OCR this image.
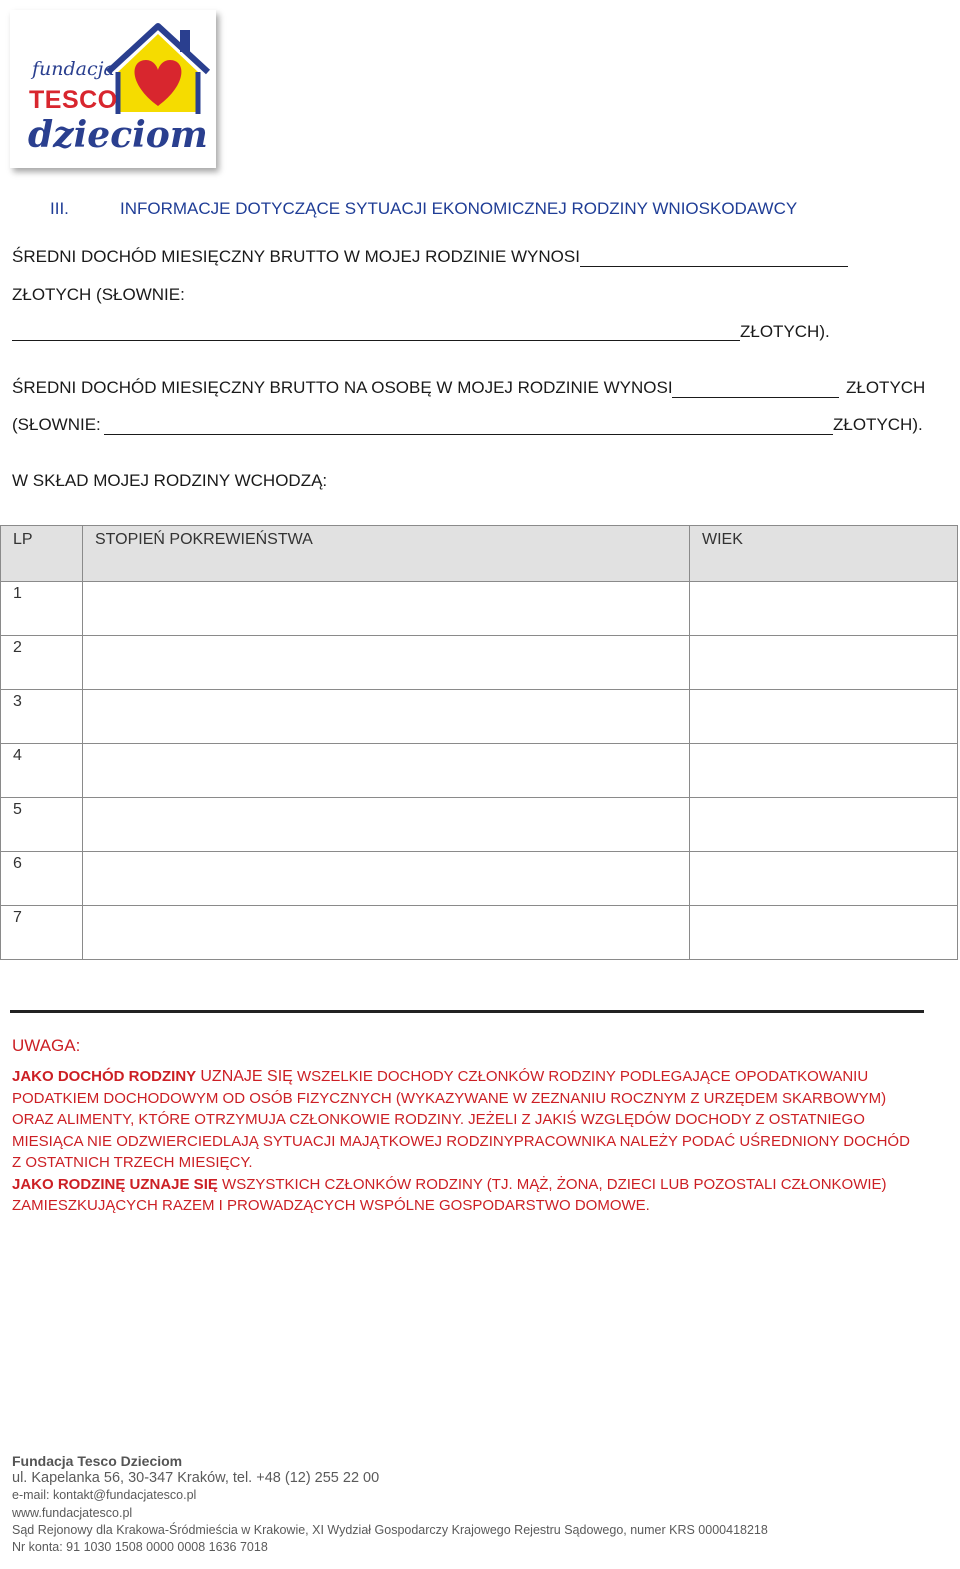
fundacja
TESCO
dzieciom
III.	INFORMACJE DOTYCZĄCE SYTUACJI EKONOMICZNEJ RODZINY WNIOSKODAWCY
ŚREDNI DOCHÓD MIESIĘCZNY BRUTTO W MOJEJ RODZINIE WYNOSI
ZŁOTYCH (SŁOWNIE:
ZŁOTYCH).
ŚREDNI DOCHÓD MIESIĘCZNY BRUTTO NA OSOBĘ W MOJEJ RODZINIE WYNOSI	ZŁOTYCH
(SŁOWNIE:	ZŁOTYCH).
W SKŁAD MOJEJ RODZINY WCHODZĄ:
LP	STOPIEŃ POKREWIEŃSTWA	WIEK

1		

2		

3		

4		

5		

6		

7		

UWAGA:
JAKO DOCHÓD RODZINY UZNAJE SIĘ WSZELKIE DOCHODY CZŁONKÓW RODZINY PODLEGAJĄCE OPODATKOWANIU PODATKIEM DOCHODOWYM OD OSÓB FIZYCZNYCH (WYKAZYWANE W ZEZNANIU ROCZNYM Z URZĘDEM SKARBOWYM) ORAZ ALIMENTY, KTÓRE OTRZYMUJA CZŁONKOWIE RODZINY. JEŻELI Z JAKIŚ WZGLĘDÓW DOCHODY Z OSTATNIEGO MIESIĄCA NIE ODZWIERCIEDLAJĄ SYTUACJI MAJĄTKOWEJ RODZINYPRACOWNIKA NALEŻY PODAĆ UŚREDNIONY DOCHÓD Z OSTATNICH TRZECH MIESIĘCY.
JAKO RODZINĘ UZNAJE SIĘ WSZYSTKICH CZŁONKÓW RODZINY (TJ. MĄŻ, ŻONA, DZIECI LUB POZOSTALI CZŁONKOWIE) ZAMIESZKUJĄCYCH RAZEM I PROWADZĄCYCH WSPÓLNE GOSPODARSTWO DOMOWE.
Fundacja Tesco Dzieciom
ul. Kapelanka 56, 30-347 Kraków, tel. +48 (12) 255 22 00
e-mail: kontakt@fundacjatesco.pl
www.fundacjatesco.pl
Sąd Rejonowy dla Krakowa-Śródmieścia w Krakowie, XI Wydział Gospodarczy Krajowego Rejestru Sądowego, numer KRS 0000418218
Nr konta: 91 1030 1508 0000 0008 1636 7018
